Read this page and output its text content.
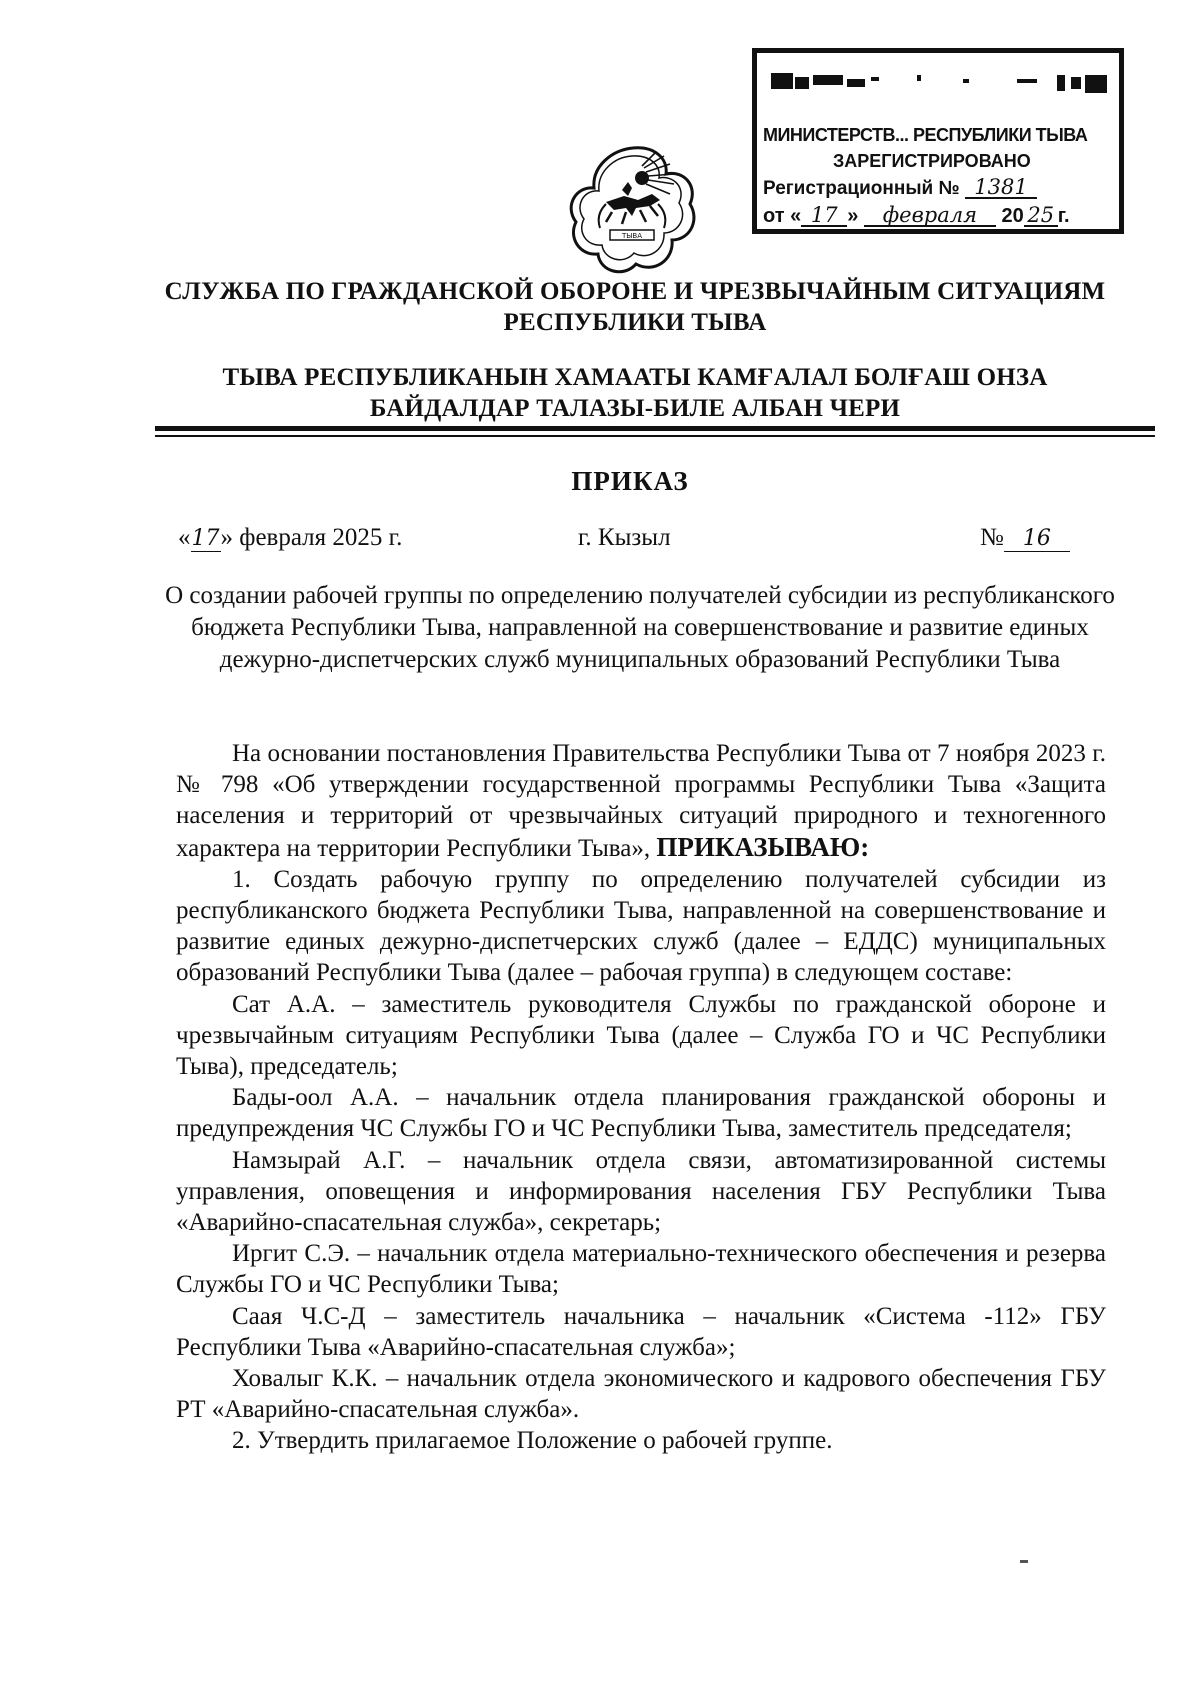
ТЫВА
МИНИСТЕРСТВ... РЕСПУБЛИКИ ТЫВА
ЗАРЕГИСТРИРОВАНО
Регистрационный № 1381
от « 17 » февраля 20 25 г.
СЛУЖБА ПО ГРАЖДАНСКОЙ ОБОРОНЕ И ЧРЕЗВЫЧАЙНЫМ СИТУАЦИЯМ РЕСПУБЛИКИ ТЫВА
ТЫВА РЕСПУБЛИКАНЫН ХАМААТЫ КАМҒАЛАЛ БОЛҒАШ ОНЗА БАЙДАЛДАР ТАЛАЗЫ-БИЛЕ АЛБАН ЧЕРИ
ПРИКАЗ
«17» февраля 2025 г.	г. Кызыл	№ 16
О создании рабочей группы по определению получателей субсидии из республиканского бюджета Республики Тыва, направленной на совершенствование и развитие единых дежурно-диспетчерских служб муниципальных образований Республики Тыва

На основании постановления Правительства Республики Тыва от 7 ноября 2023 г. № 798 «Об утверждении государственной программы Республики Тыва «Защита населения и территорий от чрезвычайных ситуаций природного и техногенного характера на территории Республики Тыва», ПРИКАЗЫВАЮ:

1. Создать рабочую группу по определению получателей субсидии из республиканского бюджета Республики Тыва, направленной на совершенствование и развитие единых дежурно-диспетчерских служб (далее – ЕДДС) муниципальных образований Республики Тыва (далее – рабочая группа) в следующем составе:

Сат А.А. – заместитель руководителя Службы по гражданской обороне и чрезвычайным ситуациям Республики Тыва (далее – Служба ГО и ЧС Республики Тыва), председатель;

Бады-оол А.А. – начальник отдела планирования гражданской обороны и предупреждения ЧС Службы ГО и ЧС Республики Тыва, заместитель председателя;

Намзырай А.Г. – начальник отдела связи, автоматизированной системы управления, оповещения и информирования населения ГБУ Республики Тыва «Аварийно-спасательная служба», секретарь;

Иргит С.Э. – начальник отдела материально-технического обеспечения и резерва Службы ГО и ЧС Республики Тыва;

Саая Ч.С-Д – заместитель начальника – начальник «Система -112» ГБУ Республики Тыва «Аварийно-спасательная служба»;

Ховалыг К.К. – начальник отдела экономического и кадрового обеспечения ГБУ РТ «Аварийно-спасательная служба».

2. Утвердить прилагаемое Положение о рабочей группе.
